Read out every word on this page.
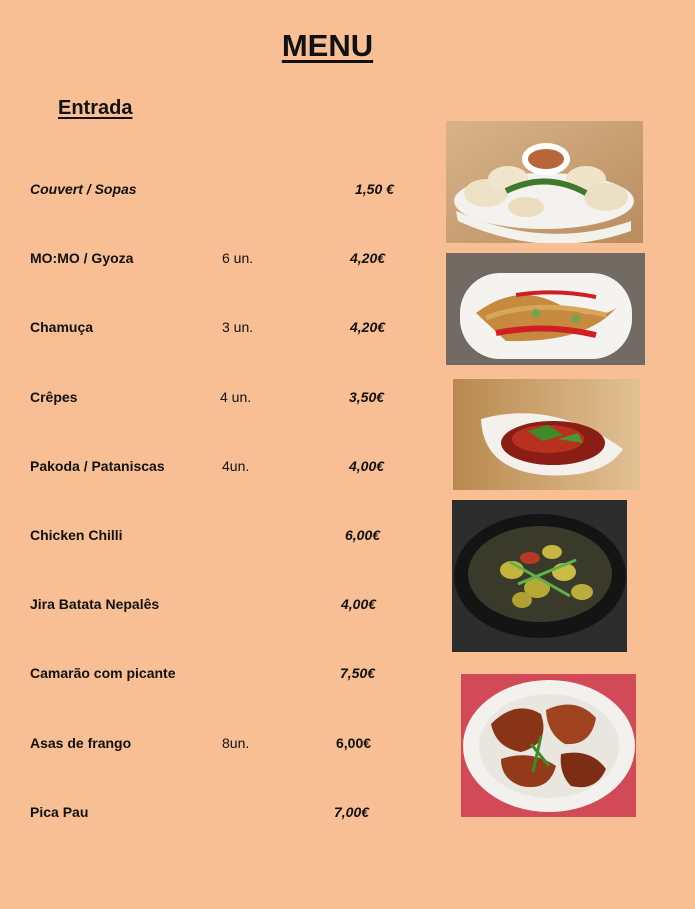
MENU
Entrada
Couvert / Sopas	1,50 €
MO:MO / Gyoza	6 un.	4,20€
Chamuça	3 un.	4,20€
Crêpes	4 un.	3,50€
Pakoda / Pataniscas	4un.	4,00€
Chicken Chilli	6,00€
Jira Batata Nepalês	4,00€
Camarão com picante	7,50€
Asas de frango	8un.	6,00€
Pica Pau	7,00€
